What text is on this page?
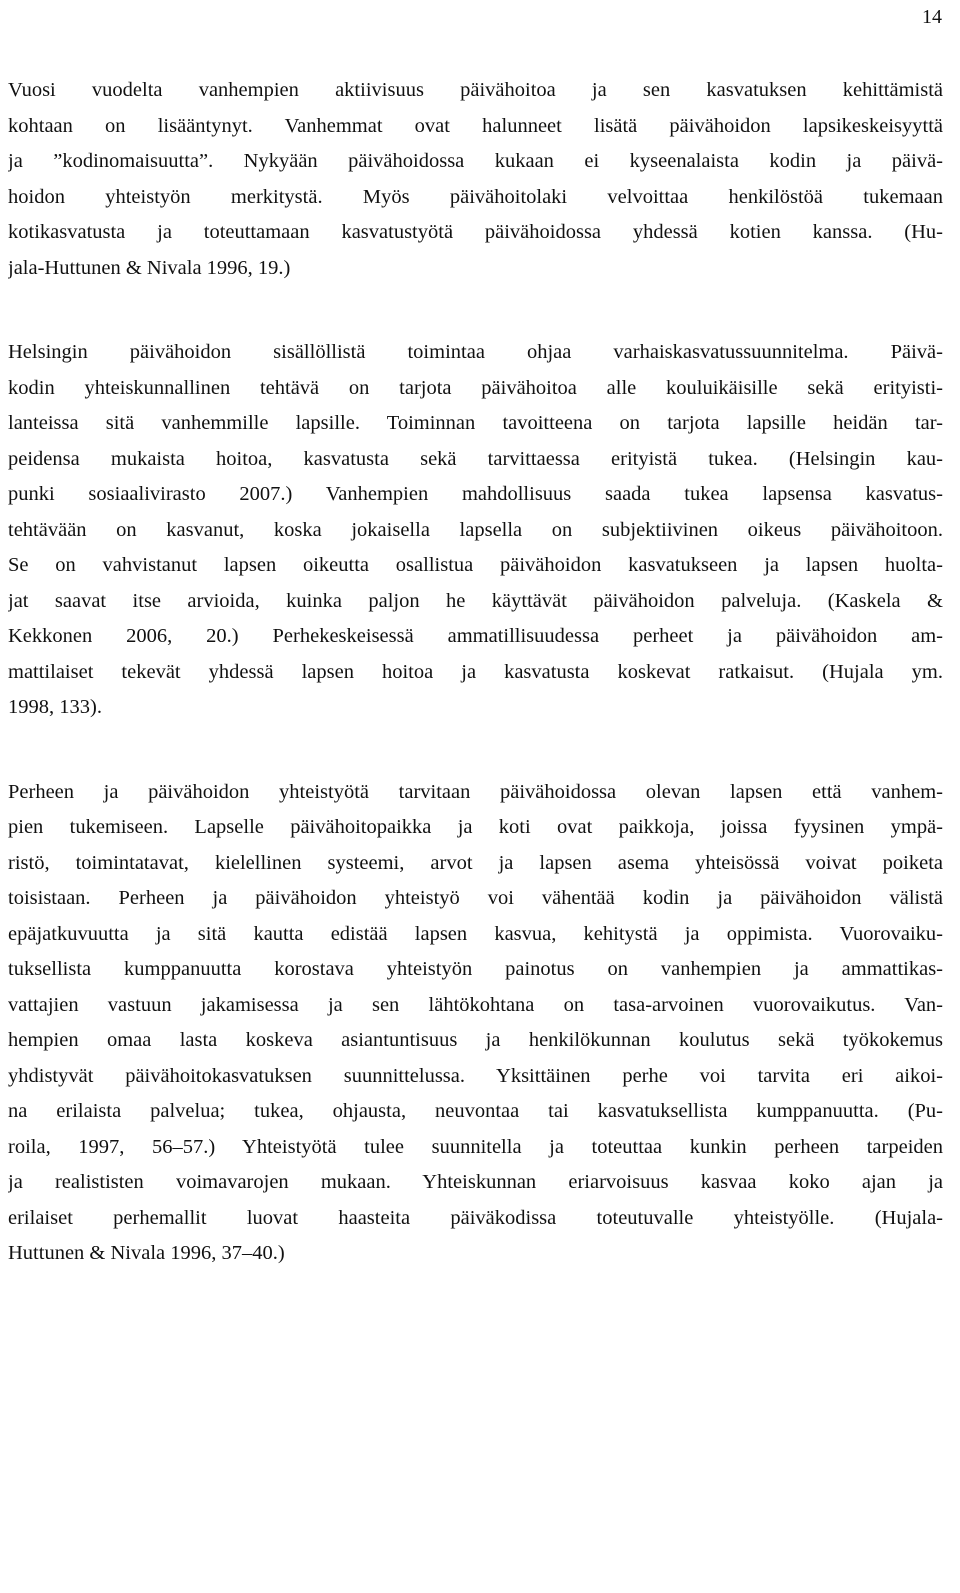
14
Vuosi vuodelta vanhempien aktiivisuus päivähoitoa ja sen kasvatuksen kehittämistä
kohtaan on lisääntynyt. Vanhemmat ovat halunneet lisätä päivähoidon lapsikeskeisyyttä
ja ”kodinomaisuutta”. Nykyään päivähoidossa kukaan ei kyseenalaista kodin ja päivä-
hoidon yhteistyön merkitystä. Myös päivähoitolaki velvoittaa henkilöstöä tukemaan
kotikasvatusta ja toteuttamaan kasvatustyötä päivähoidossa yhdessä kotien kanssa. (Hu-
jala-Huttunen & Nivala 1996, 19.)
Helsingin päivähoidon sisällöllistä toimintaa ohjaa varhaiskasvatussuunnitelma. Päivä-
kodin yhteiskunnallinen tehtävä on tarjota päivähoitoa alle kouluikäisille sekä erityisti-
lanteissa sitä vanhemmille lapsille. Toiminnan tavoitteena on tarjota lapsille heidän tar-
peidensa mukaista hoitoa, kasvatusta sekä tarvittaessa erityistä tukea. (Helsingin kau-
punki sosiaalivirasto 2007.) Vanhempien mahdollisuus saada tukea lapsensa kasvatus-
tehtävään on kasvanut, koska jokaisella lapsella on subjektiivinen oikeus päivähoitoon.
Se on vahvistanut lapsen oikeutta osallistua päivähoidon kasvatukseen ja lapsen huolta-
jat saavat itse arvioida, kuinka paljon he käyttävät päivähoidon palveluja. (Kaskela &
Kekkonen 2006, 20.) Perhekeskeisessä ammatillisuudessa perheet ja päivähoidon am-
mattilaiset tekevät yhdessä lapsen hoitoa ja kasvatusta koskevat ratkaisut. (Hujala ym.
1998, 133).
Perheen ja päivähoidon yhteistyötä tarvitaan päivähoidossa olevan lapsen että vanhem-
pien tukemiseen. Lapselle päivähoitopaikka ja koti ovat paikkoja, joissa fyysinen ympä-
ristö, toimintatavat, kielellinen systeemi, arvot ja lapsen asema yhteisössä voivat poiketa
toisistaan. Perheen ja päivähoidon yhteistyö voi vähentää kodin ja päivähoidon välistä
epäjatkuvuutta ja sitä kautta edistää lapsen kasvua, kehitystä ja oppimista. Vuorovaiku-
tuksellista kumppanuutta korostava yhteistyön painotus on vanhempien ja ammattikas-
vattajien vastuun jakamisessa ja sen lähtökohtana on tasa-arvoinen vuorovaikutus. Van-
hempien omaa lasta koskeva asiantuntisuus ja henkilökunnan koulutus sekä työkokemus
yhdistyvät päivähoitokasvatuksen suunnittelussa. Yksittäinen perhe voi tarvita eri aikoi-
na erilaista palvelua; tukea, ohjausta, neuvontaa tai kasvatuksellista kumppanuutta. (Pu-
roila, 1997, 56–57.) Yhteistyötä tulee suunnitella ja toteuttaa kunkin perheen tarpeiden
ja realististen voimavarojen mukaan. Yhteiskunnan eriarvoisuus kasvaa koko ajan ja
erilaiset perhemallit luovat haasteita päiväkodissa toteutuvalle yhteistyölle. (Hujala-
Huttunen & Nivala 1996, 37–40.)
